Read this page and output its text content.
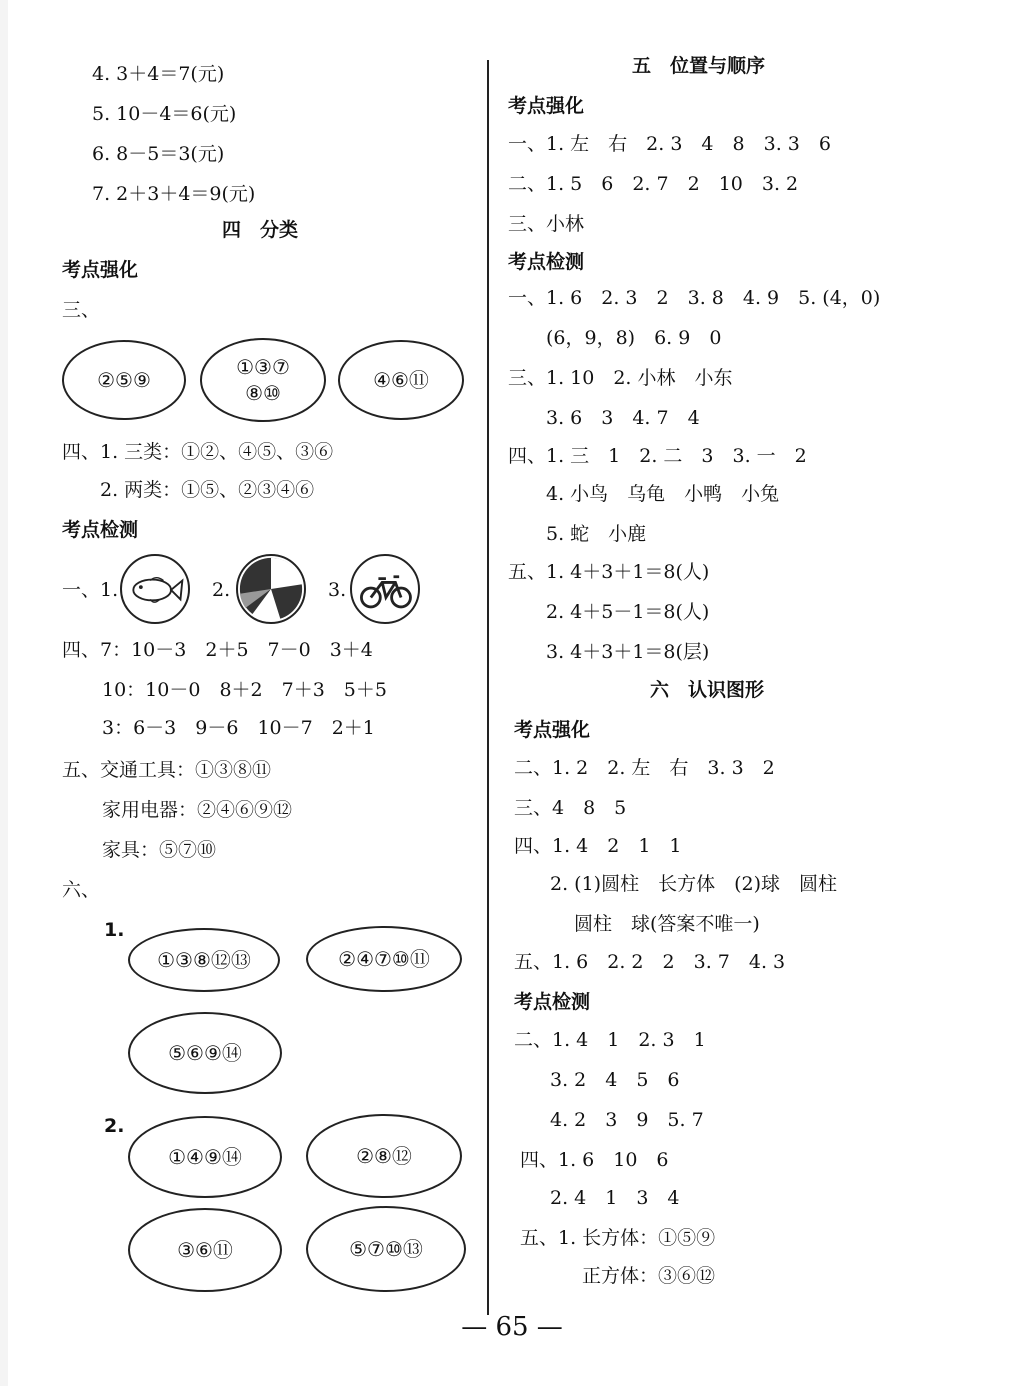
4. 3＋4＝7(元)
5. 10－4＝6(元)
6. 8－5＝3(元)
7. 2＋3＋4＝9(元)
四　分类
考点强化
三、
②⑤⑨
①③⑦
⑧⑩
④⑥⑪
四、1. 三类：①②、④⑤、③⑥
2. 两类：①⑤、②③④⑥
考点检测
一、1.	2.	3.
四、7：10－3　2＋5　7－0　3＋4
10：10－0　8＋2　7＋3　5＋5
3：6－3　9－6　10－7　2＋1
五、交通工具：①③⑧⑪
家用电器：②④⑥⑨⑫
家具：⑤⑦⑩
六、
1.
①③⑧⑫⑬	②④⑦⑩⑪
⑤⑥⑨⑭
2.
①④⑨⑭	②⑧⑫
③⑥⑪	⑤⑦⑩⑬
五　位置与顺序
考点强化
一、1. 左　右　2. 3　4　8　3. 3　6
二、1. 5　6　2. 7　2　10　3. 2
三、小林
考点检测
一、1. 6　2. 3　2　3. 8　4. 9　5. (4，0)
(6，9，8)　6. 9　0
三、1. 10　2. 小林　小东
3. 6　3　4. 7　4
四、1. 三　1　2. 二　3　3. 一　2
4. 小鸟　乌龟　小鸭　小兔
5. 蛇　小鹿
五、1. 4＋3＋1＝8(人)
2. 4＋5－1＝8(人)
3. 4＋3＋1＝8(层)
六　认识图形
考点强化
二、1. 2　2. 左　右　3. 3　2
三、4　8　5
四、1. 4　2　1　1
2. (1)圆柱　长方体　(2)球　圆柱
圆柱　球(答案不唯一)
五、1. 6　2. 2　2　3. 7　4. 3
考点检测
二、1. 4　1　2. 3　1
3. 2　4　5　6
4. 2　3　9　5. 7
四、1. 6　10　6
2. 4　1　3　4
五、1. 长方体：①⑤⑨
正方体：③⑥⑫
— 65 —
